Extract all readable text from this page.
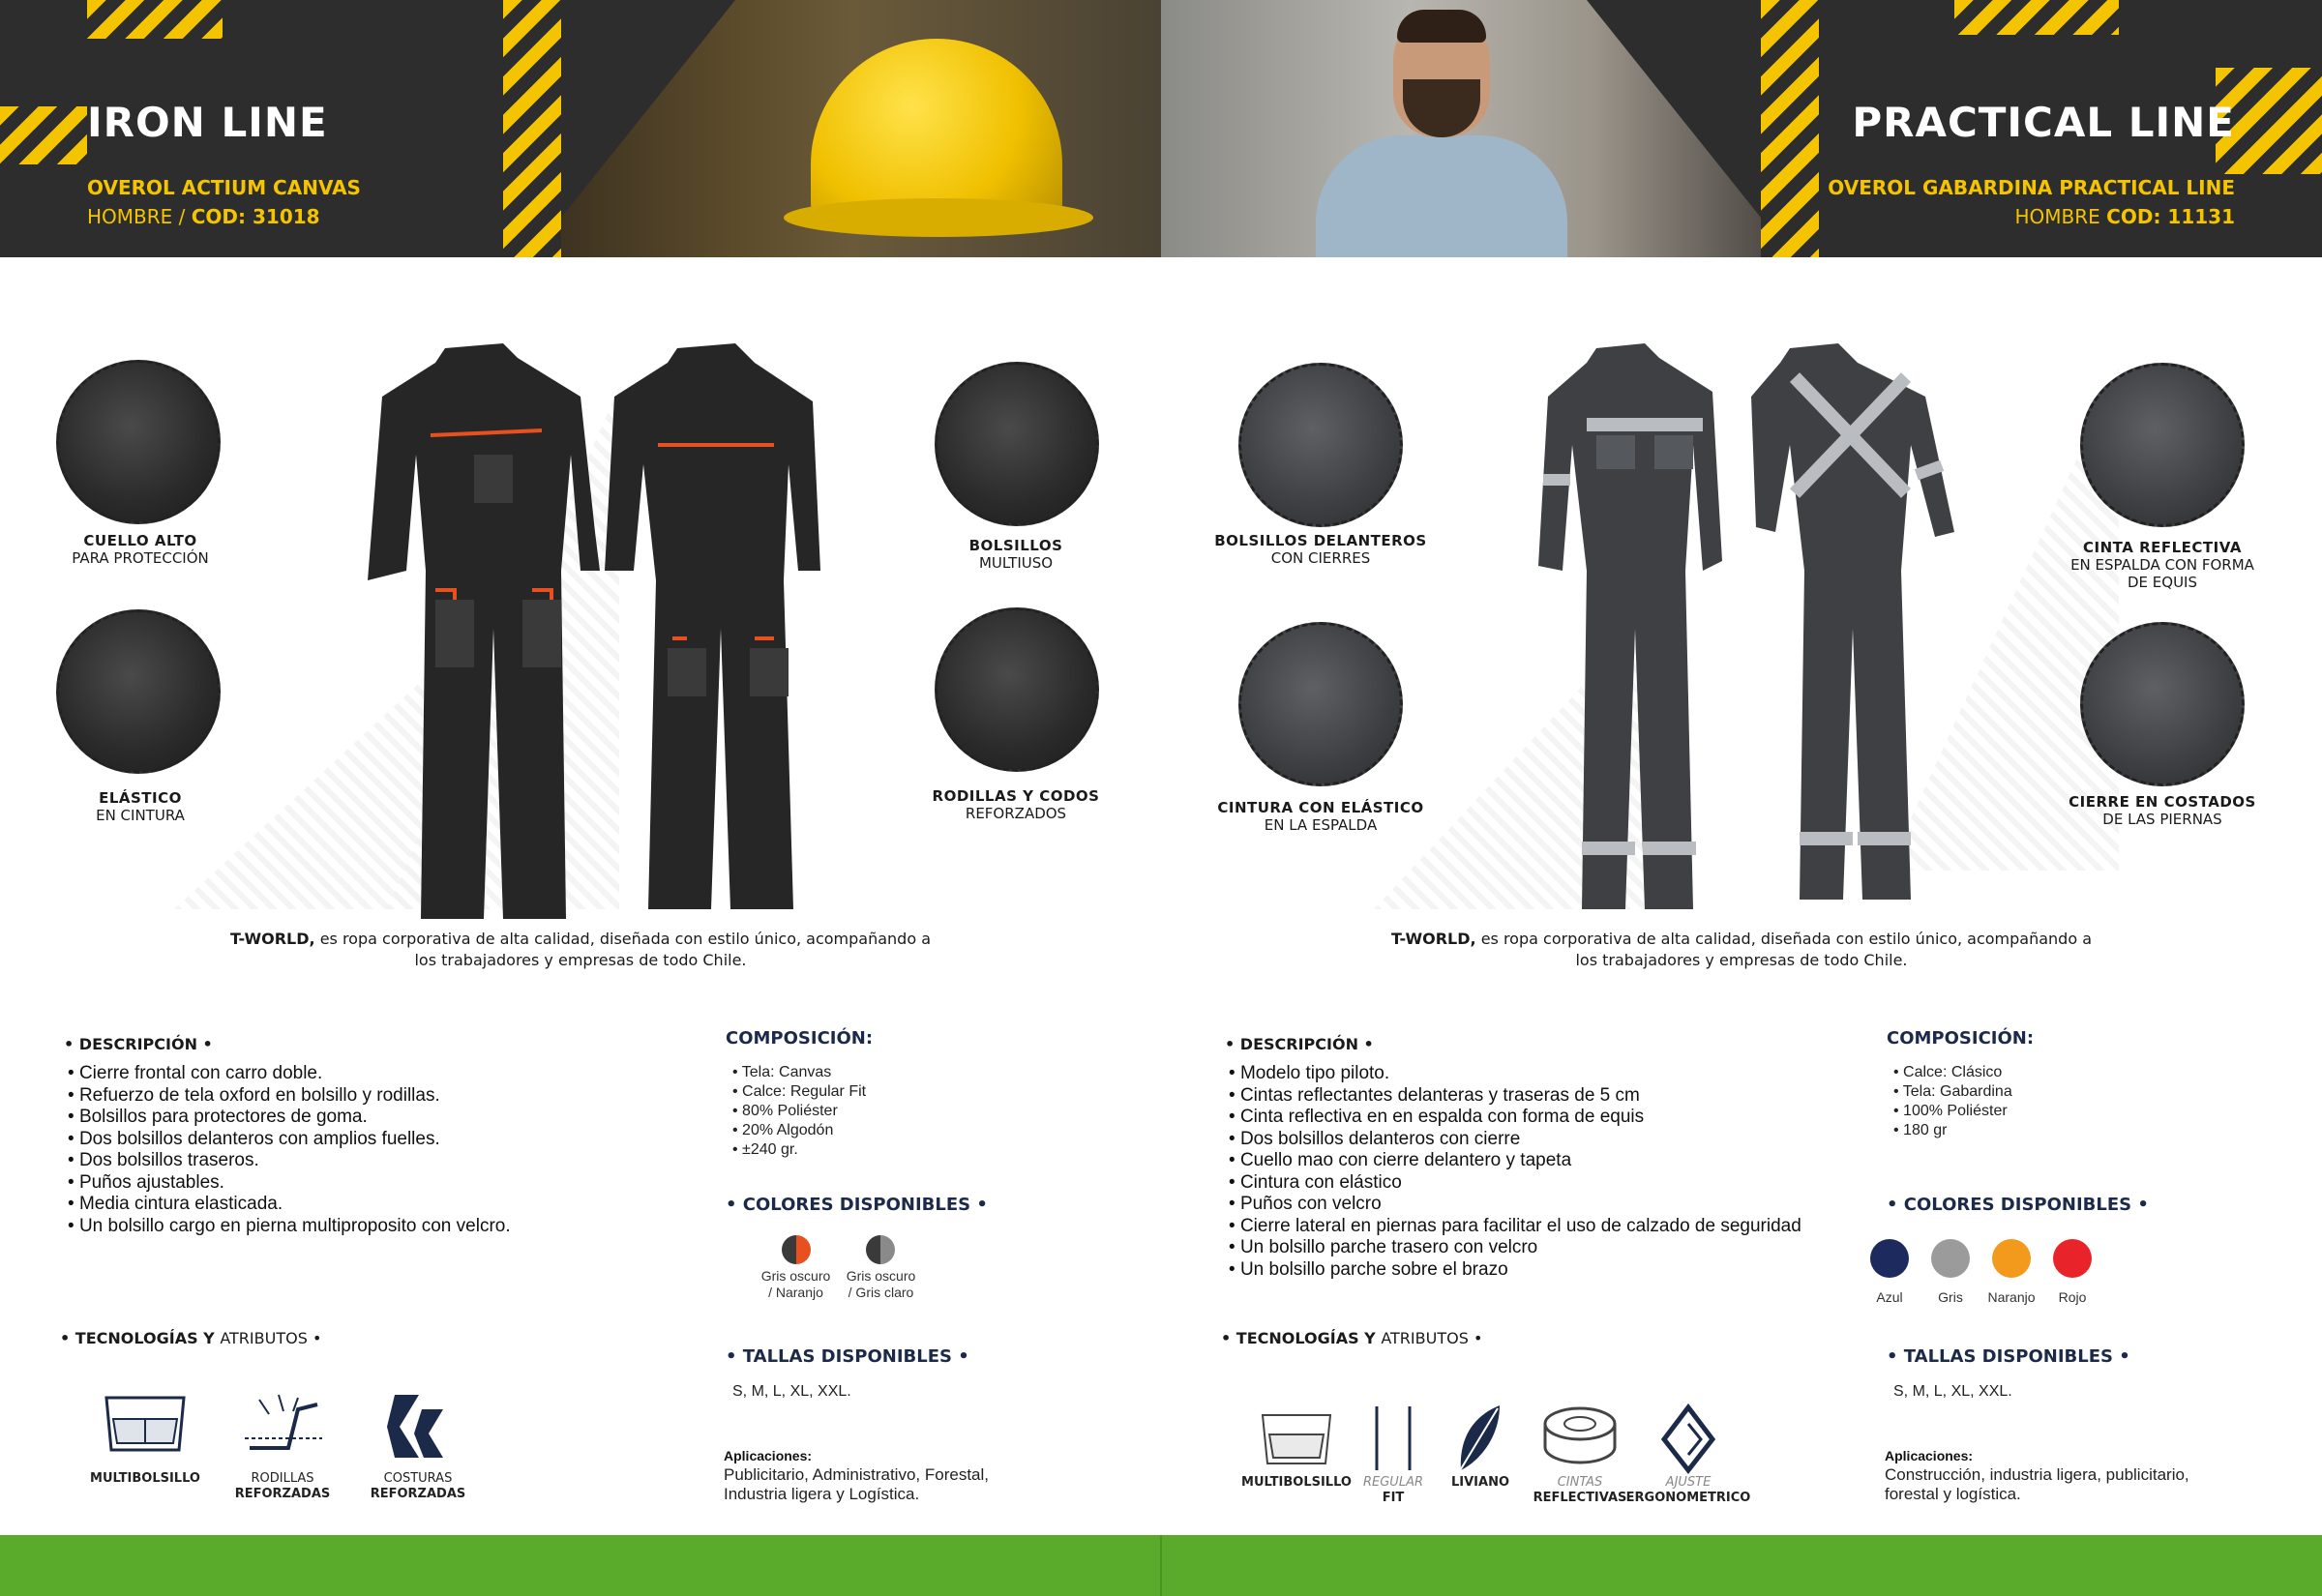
IRON LINE
OVEROL ACTIUM CANVAS
HOMBRE / COD: 31018
PRACTICAL LINE
OVEROL GABARDINA PRACTICAL LINE
HOMBRE COD: 11131
CUELLO ALTO
PARA PROTECCIÓN
ELÁSTICO
EN CINTURA
BOLSILLOS
MULTIUSO
RODILLAS Y CODOS
REFORZADOS
T-WORLD, es ropa corporativa de alta calidad, diseñada con estilo único, acompañando a
los trabajadores y empresas de todo Chile.
• DESCRIPCIÓN •
• Cierre frontal con carro doble.
• Refuerzo de tela oxford en bolsillo y rodillas.
• Bolsillos para protectores de goma.
• Dos bolsillos delanteros con amplios fuelles.
• Dos bolsillos traseros.
• Puños ajustables.
• Media cintura elasticada.
• Un bolsillo cargo en pierna multiproposito con velcro.
COMPOSICIÓN:
• Tela: Canvas
• Calce: Regular Fit
• 80% Poliéster
• 20% Algodón
• ±240 gr.
• COLORES DISPONIBLES •
Gris oscuro
/ Naranjo
Gris oscuro
/ Gris claro
• TECNOLOGÍAS Y ATRIBUTOS •
MULTIBOLSILLO	RODILLAS
REFORZADAS
COSTURAS
REFORZADAS
• TALLAS DISPONIBLES •
S, M, L, XL, XXL.
Aplicaciones:
Publicitario, Administrativo, Forestal,
Industria ligera y Logística.
BOLSILLOS DELANTEROS
CON CIERRES
CINTURA CON ELÁSTICO
EN LA ESPALDA
CINTA REFLECTIVA
EN ESPALDA CON FORMA
DE EQUIS
CIERRE EN COSTADOS
DE LAS PIERNAS
T-WORLD, es ropa corporativa de alta calidad, diseñada con estilo único, acompañando a
los trabajadores y empresas de todo Chile.
• DESCRIPCIÓN •
• Modelo tipo piloto.
• Cintas reflectantes delanteras y traseras de 5 cm
• Cinta reflectiva en en espalda con forma de equis
• Dos bolsillos delanteros con cierre
• Cuello mao con cierre delantero y tapeta
• Cintura con elástico
• Puños con velcro
• Cierre lateral en piernas para facilitar el uso de calzado de seguridad
• Un bolsillo parche trasero con velcro
• Un bolsillo parche sobre el brazo
COMPOSICIÓN:
• Calce: Clásico
• Tela: Gabardina
• 100% Poliéster
• 180 gr
• COLORES DISPONIBLES •
Azul	Gris	Naranjo	Rojo
• TECNOLOGÍAS Y ATRIBUTOS •
MULTIBOLSILLO REGULAR
FIT
LIVIANO	CINTAS
REFLECTIVAS
AJUSTE
ERGONOMETRICO
• TALLAS DISPONIBLES •
S, M, L, XL, XXL.
Aplicaciones:
Construcción, industria ligera, publicitario,
forestal y logística.
